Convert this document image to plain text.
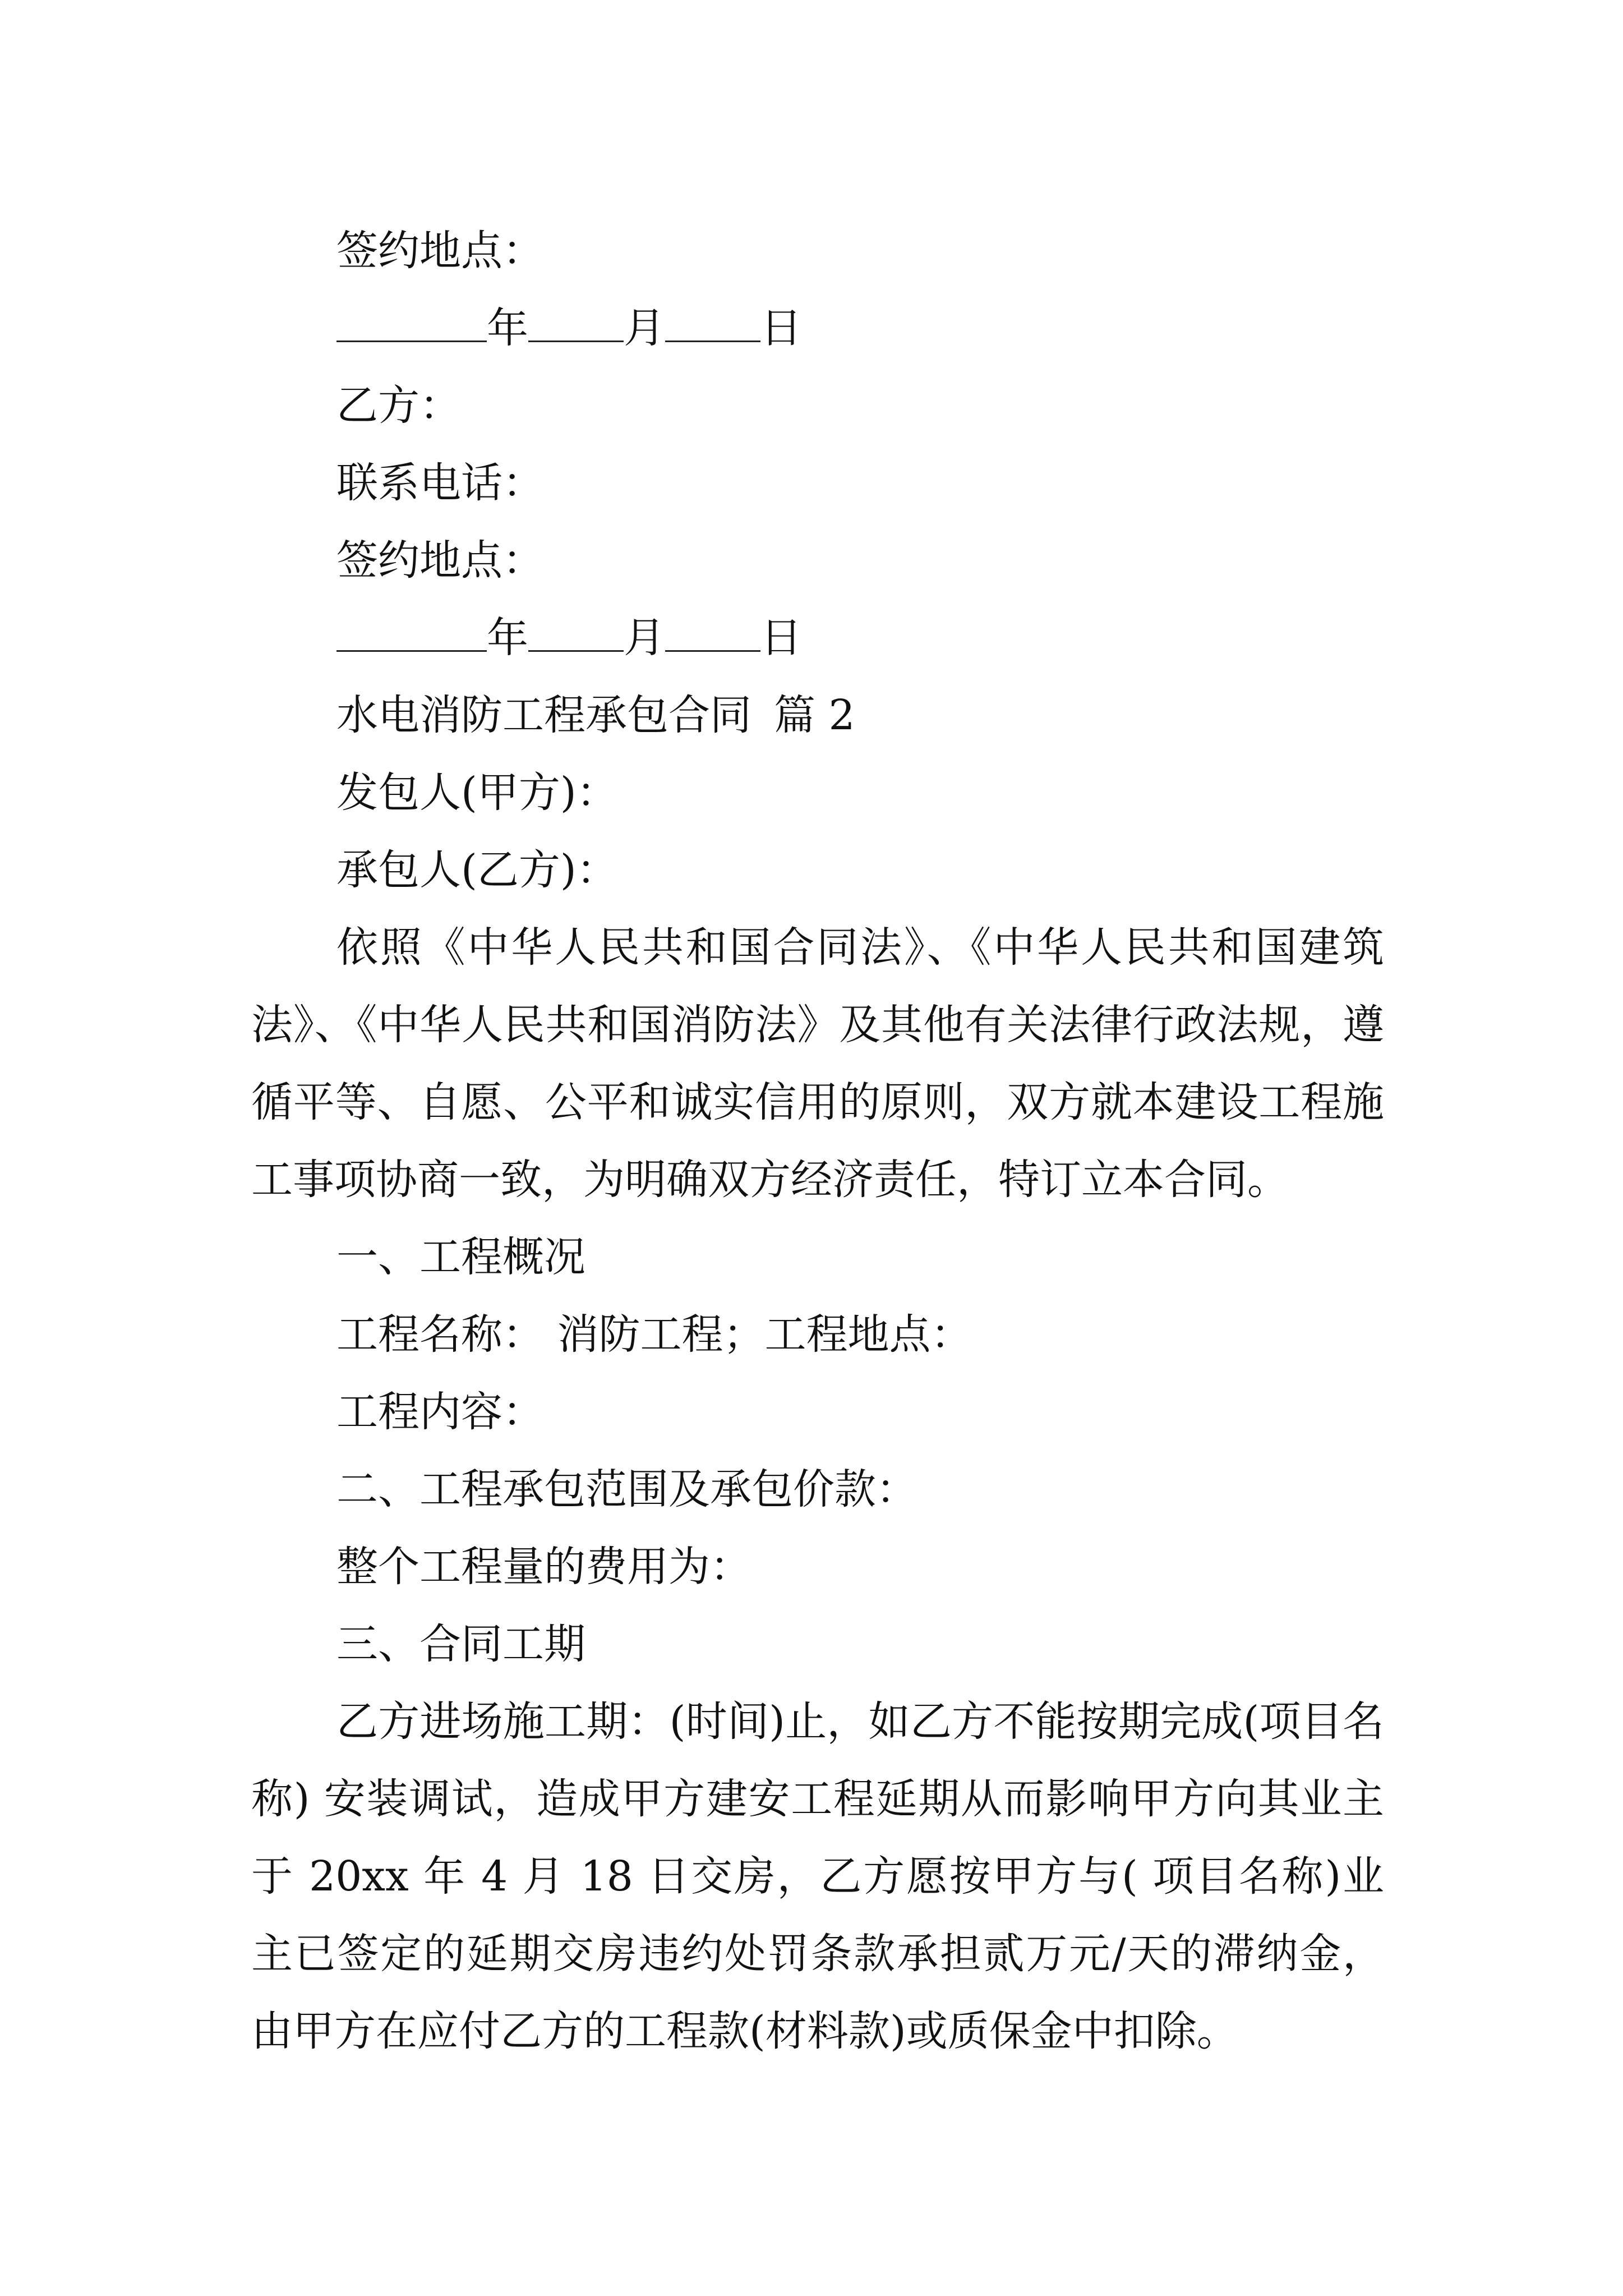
签约地点：
年 月 日
乙方：
联系电话：
签约地点：
年 月 日
水电消防工程承包合同 篇 2
发包人(甲方)：
承包人(乙方)：

依照《中华人民共和国合同法》、《中华人民共和国建筑法》、《中华人民共和国消防法》及其他有关法律行政法规，遵循平等、自愿、公平和诚实信用的原则，双方就本建设工程施工事项协商一致，为明确双方经济责任，特订立本合同。

一、工程概况
工程名称： 消防工程；工程地点：
工程内容：
二、工程承包范围及承包价款：
整个工程量的费用为：
三、合同工期

乙方进场施工期：(时间)止，如乙方不能按期完成(项目名称) 安装调试，造成甲方建安工程延期从而影响甲方向其业主于 20xx 年 4 月 18 日交房，乙方愿按甲方与( 项目名称)业主已签定的延期交房违约处罚条款承担贰万元/天的滞纳金，由甲方在应付乙方的工程款(材料款)或质保金中扣除。
